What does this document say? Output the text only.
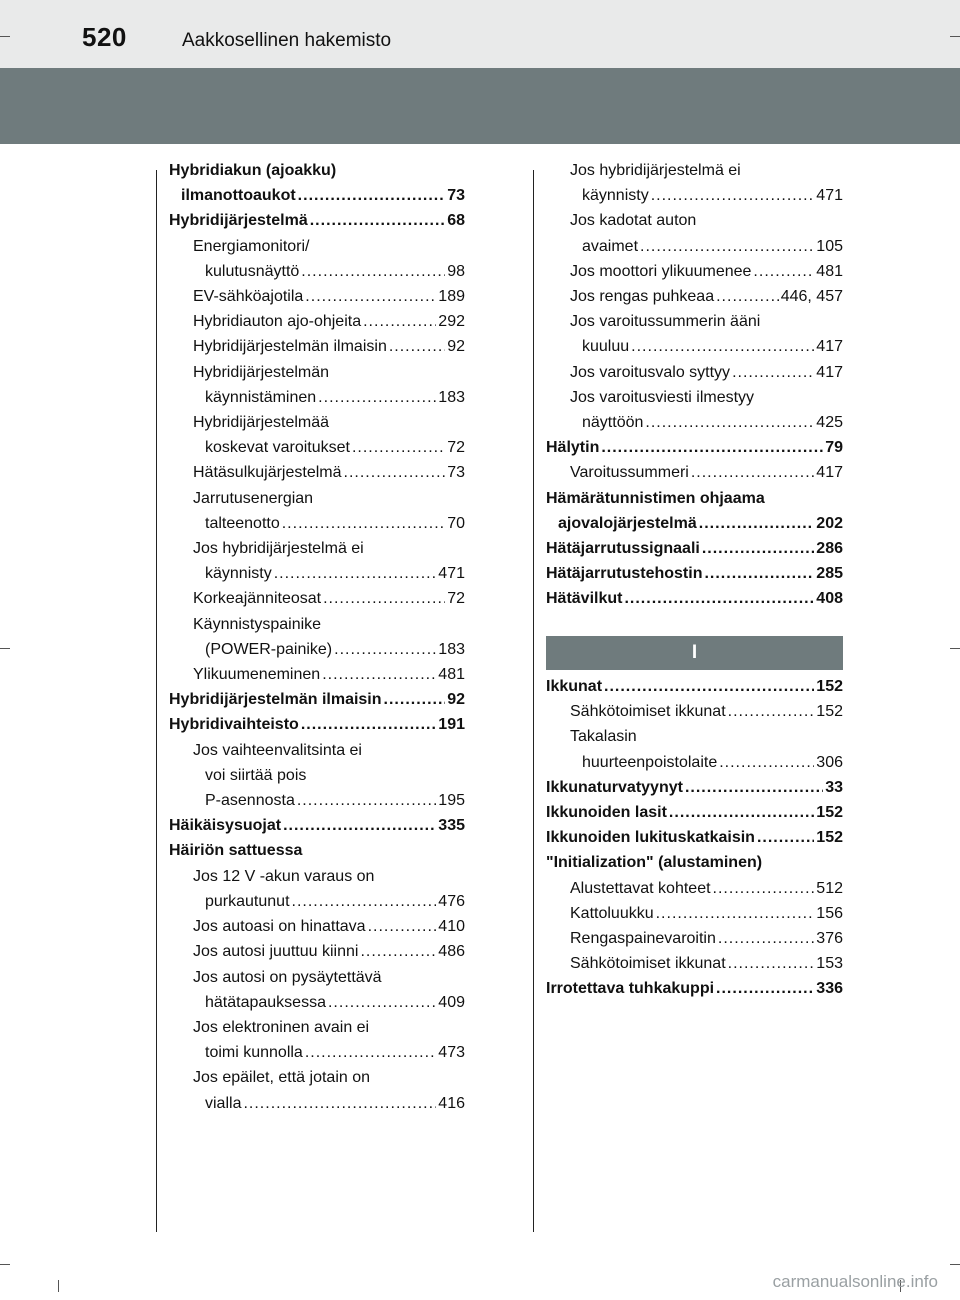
520	Aakkosellinen hakemisto
Hybridiakun (ajoakku)
ilmanottoaukot .....	73
Hybridijärjestelmä .....	68
Energiamonitori/
kulutusnäyttö .....	98
EV-sähköajotila .....	189
Hybridiauton ajo-ohjeita .....	292
Hybridijärjestelmän ilmaisin .....	92
Hybridijärjestelmän
käynnistäminen .....	183
Hybridijärjestelmää
koskevat varoitukset .....	72
Hätäsulkujärjestelmä .....	73
Jarrutusenergian
talteenotto .....	70
Jos hybridijärjestelmä ei
käynnisty .....	471
Korkeajänniteosat .....	72
Käynnistyspainike
(POWER-painike) .....	183
Ylikuumeneminen .....	481
Hybridijärjestelmän ilmaisin .....	92
Hybridivaihteisto .....	191
Jos vaihteenvalitsinta ei
voi siirtää pois
P-asennosta .....	195
Häikäisysuojat .....	335
Häiriön sattuessa
Jos 12 V -akun varaus on
purkautunut .....	476
Jos autoasi on hinattava .....	410
Jos autosi juuttuu kiinni .....	486
Jos autosi on pysäytettävä
hätätapauksessa .....	409
Jos elektroninen avain ei
toimi kunnolla .....	473
Jos epäilet, että jotain on
vialla .....	416
Jos hybridijärjestelmä ei
käynnisty .....	471
Jos kadotat auton
avaimet .....	105
Jos moottori ylikuumenee .....	481
Jos rengas puhkeaa .....	446, 457
Jos varoitussummerin ääni
kuuluu .....	417
Jos varoitusvalo syttyy .....	417
Jos varoitusviesti ilmestyy
näyttöön .....	425
Hälytin .....	79
Varoitussummeri .....	417
Hämärätunnistimen ohjaama
ajovalojärjestelmä .....	202
Hätäjarrutussignaali .....	286
Hätäjarrutustehostin .....	285
Hätävilkut .....	408
I
Ikkunat .....	152
Sähkötoimiset ikkunat .....	152
Takalasin
huurteenpoistolaite .....	306
Ikkunaturvatyynyt .....	33
Ikkunoiden lasit .....	152
Ikkunoiden lukituskatkaisin .....	152
"Initialization" (alustaminen)
Alustettavat kohteet .....	512
Kattoluukku .....	156
Rengaspainevaroitin .....	376
Sähkötoimiset ikkunat .....	153
Irrotettava tuhkakuppi .....	336
carmanualsonline.info
